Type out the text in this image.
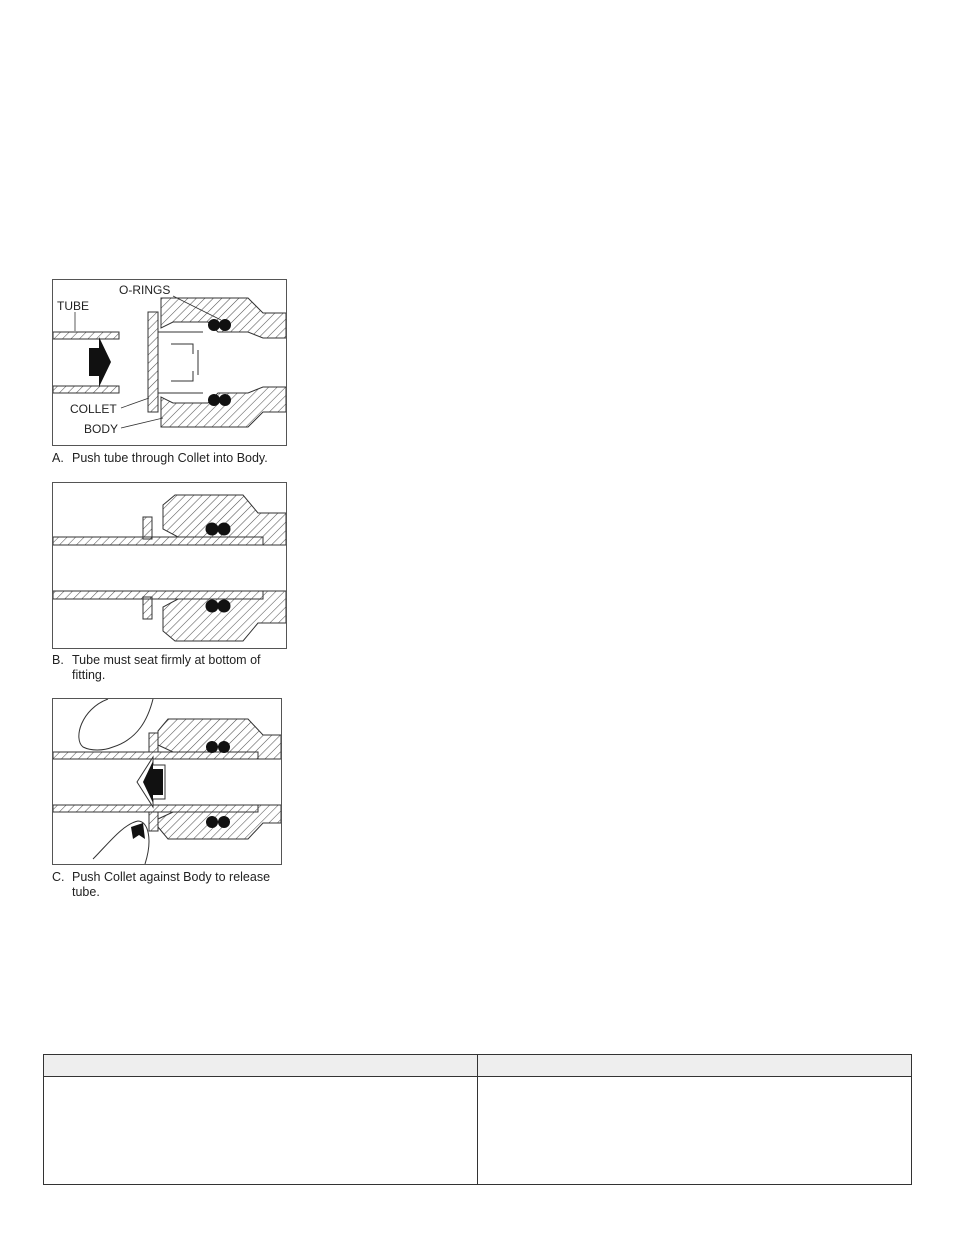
O-RINGS
TUBE
COLLET
BODY
A. Push tube through Collet into Body.
B. Tube must seat firmly at bottom of
fitting.
C. Push Collet against Body to release
tube.
